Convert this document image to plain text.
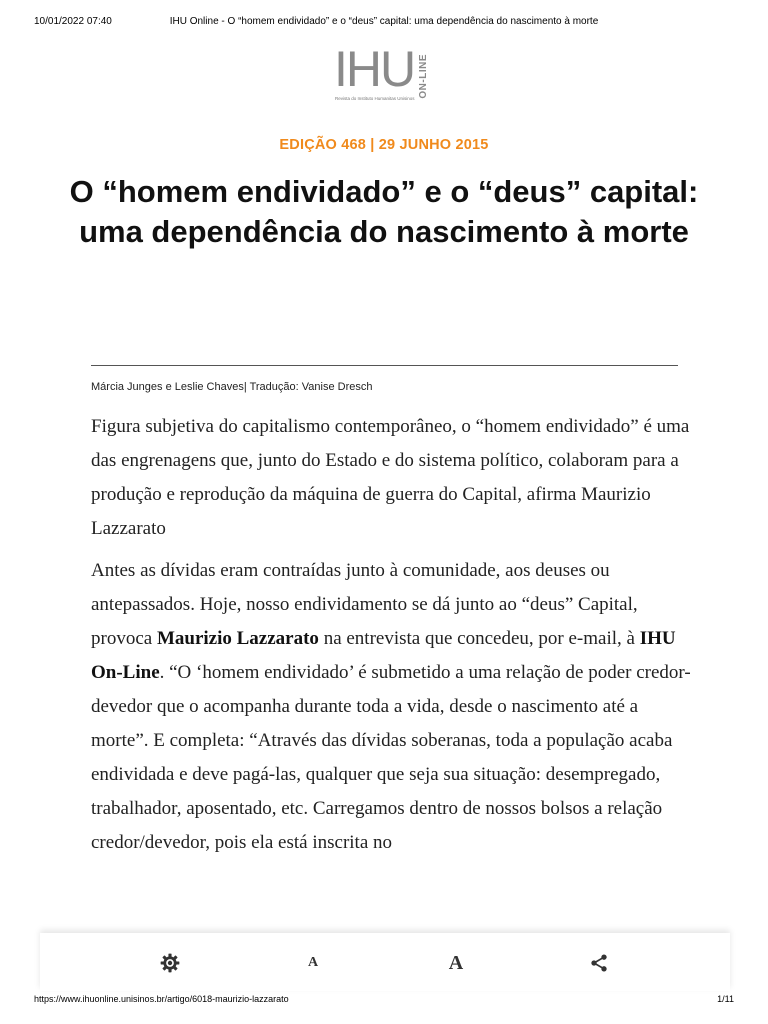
10/01/2022 07:40	IHU Online - O “homem endividado” e o “deus” capital: uma dependência do nascimento à morte
IHU ON-LINE
Revista do Instituto Humanitas Unisinos
EDIÇÃO 468 | 29 JUNHO 2015
O “homem endividado” e o “deus” capital: uma dependência do nascimento à morte
Márcia Junges e Leslie Chaves| Tradução: Vanise Dresch

Figura subjetiva do capitalismo contemporâneo, o “homem endividado” é uma das engrenagens que, junto do Estado e do sistema político, colaboram para a produção e reprodução da máquina de guerra do Capital, afirma Maurizio Lazzarato

Antes as dívidas eram contraídas junto à comunidade, aos deuses ou antepassados. Hoje, nosso endividamento se dá junto ao “deus” Capital, provoca Maurizio Lazzarato na entrevista que concedeu, por e-mail, à IHU On-Line. “O ‘homem endividado’ é submetido a uma relação de poder credor-devedor que o acompanha durante toda a vida, desde o nascimento até a morte”. E completa: “Através das dívidas soberanas, toda a população acaba endividada e deve pagá-las, qualquer que seja sua situação: desempregado, trabalhador, aposentado, etc. Carregamos dentro de nossos bolsos a relação credor/devedor, pois ela está inscrita no

A	A
https://www.ihuonline.unisinos.br/artigo/6018-maurizio-lazzarato	1/11
